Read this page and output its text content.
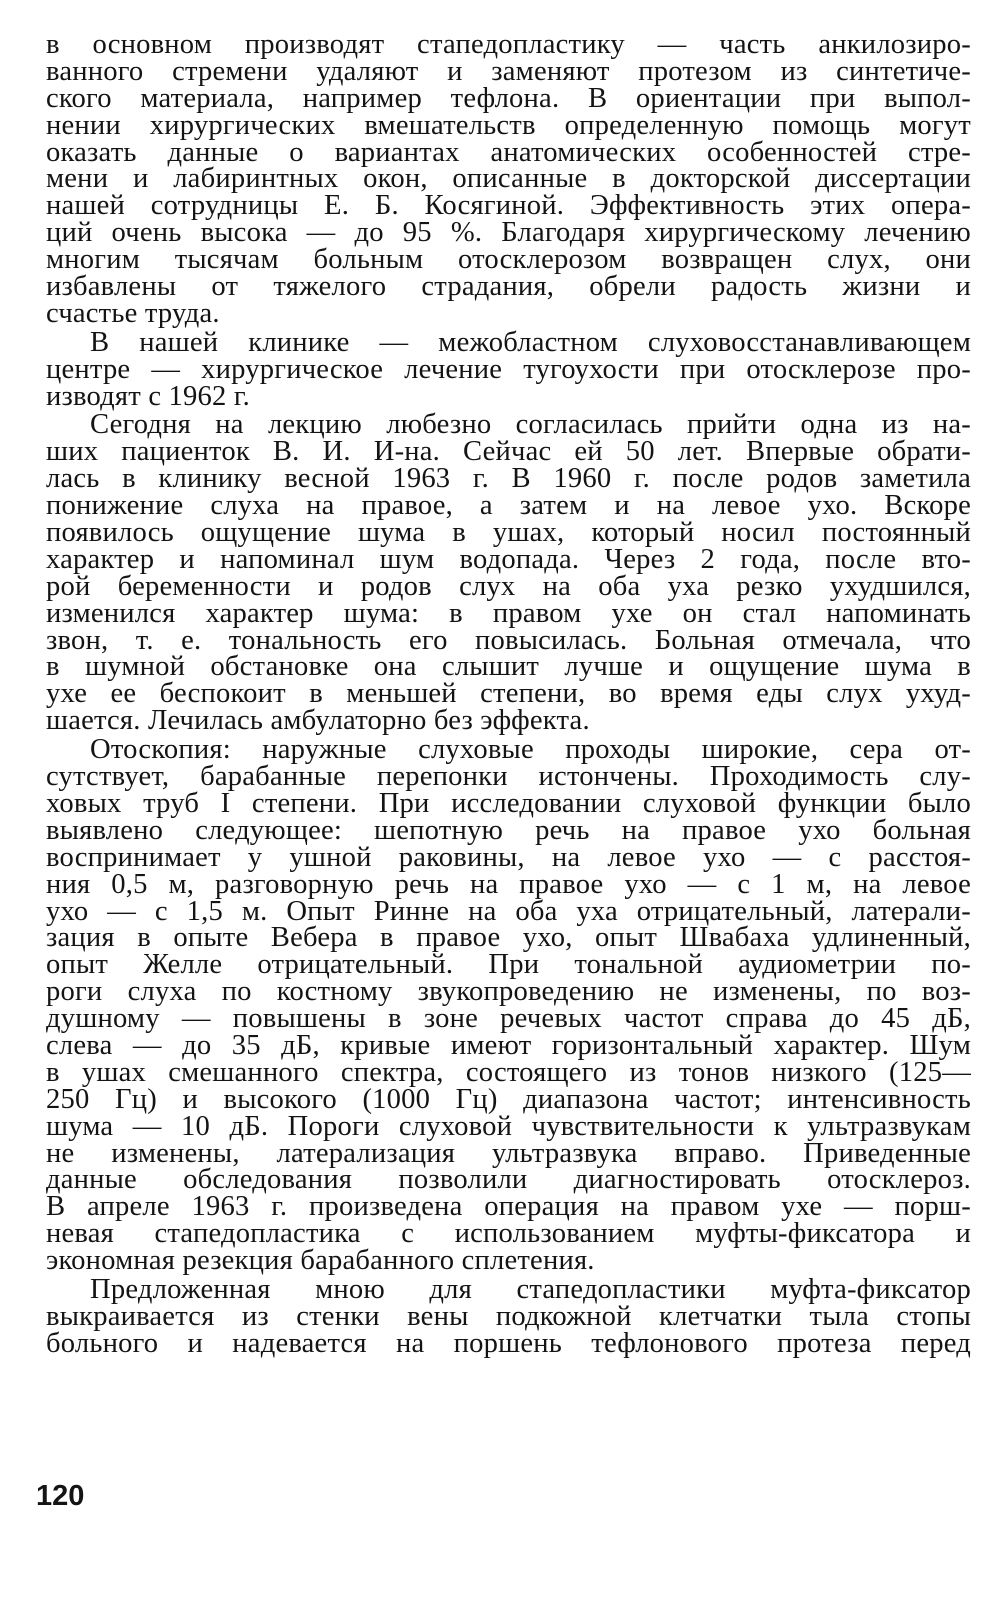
в основном производят стапедопластику — часть анкилозиро-
ванного стремени удаляют и заменяют протезом из синтетиче-
ского материала, например тефлона. В ориентации при выпол-
нении хирургических вмешательств определенную помощь могут
оказать данные о вариантах анатомических особенностей стре-
мени и лабиринтных окон, описанные в докторской диссертации
нашей сотрудницы Е. Б. Косягиной. Эффективность этих опера-
ций очень высока — до 95 %. Благодаря хирургическому лечению
многим тысячам больным отосклерозом возвращен слух, они
избавлены от тяжелого страдания, обрели радость жизни и
счастье труда.
В нашей клинике — межобластном слуховосстанавливающем
центре — хирургическое лечение тугоухости при отосклерозе про-
изводят с 1962 г.
Сегодня на лекцию любезно согласилась прийти одна из на-
ших пациенток В. И. И-на. Сейчас ей 50 лет. Впервые обрати-
лась в клинику весной 1963 г. В 1960 г. после родов заметила
понижение слуха на правое, а затем и на левое ухо. Вскоре
появилось ощущение шума в ушах, который носил постоянный
характер и напоминал шум водопада. Через 2 года, после вто-
рой беременности и родов слух на оба уха резко ухудшился,
изменился характер шума: в правом ухе он стал напоминать
звон, т. е. тональность его повысилась. Больная отмечала, что
в шумной обстановке она слышит лучше и ощущение шума в
ухе ее беспокоит в меньшей степени, во время еды слух ухуд-
шается. Лечилась амбулаторно без эффекта.
Отоскопия: наружные слуховые проходы широкие, сера от-
сутствует, барабанные перепонки истончены. Проходимость слу-
ховых труб I степени. При исследовании слуховой функции было
выявлено следующее: шепотную речь на правое ухо больная
воспринимает у ушной раковины, на левое ухо — с расстоя-
ния 0,5 м, разговорную речь на правое ухо — с 1 м, на левое
ухо — с 1,5 м. Опыт Ринне на оба уха отрицательный, латерали-
зация в опыте Вебера в правое ухо, опыт Швабаха удлиненный,
опыт Желле отрицательный. При тональной аудиометрии по-
роги слуха по костному звукопроведению не изменены, по воз-
душному — повышены в зоне речевых частот справа до 45 дБ,
слева — до 35 дБ, кривые имеют горизонтальный характер. Шум
в ушах смешанного спектра, состоящего из тонов низкого (125—
250 Гц) и высокого (1000 Гц) диапазона частот; интенсивность
шума — 10 дБ. Пороги слуховой чувствительности к ультразвукам
не изменены, латерализация ультразвука вправо. Приведенные
данные обследования позволили диагностировать отосклероз.
В апреле 1963 г. произведена операция на правом ухе — порш-
невая стапедопластика с использованием муфты-фиксатора и
экономная резекция барабанного сплетения.
Предложенная мною для стапедопластики муфта-фиксатор
выкраивается из стенки вены подкожной клетчатки тыла стопы
больного и надевается на поршень тефлонового протеза перед
120
